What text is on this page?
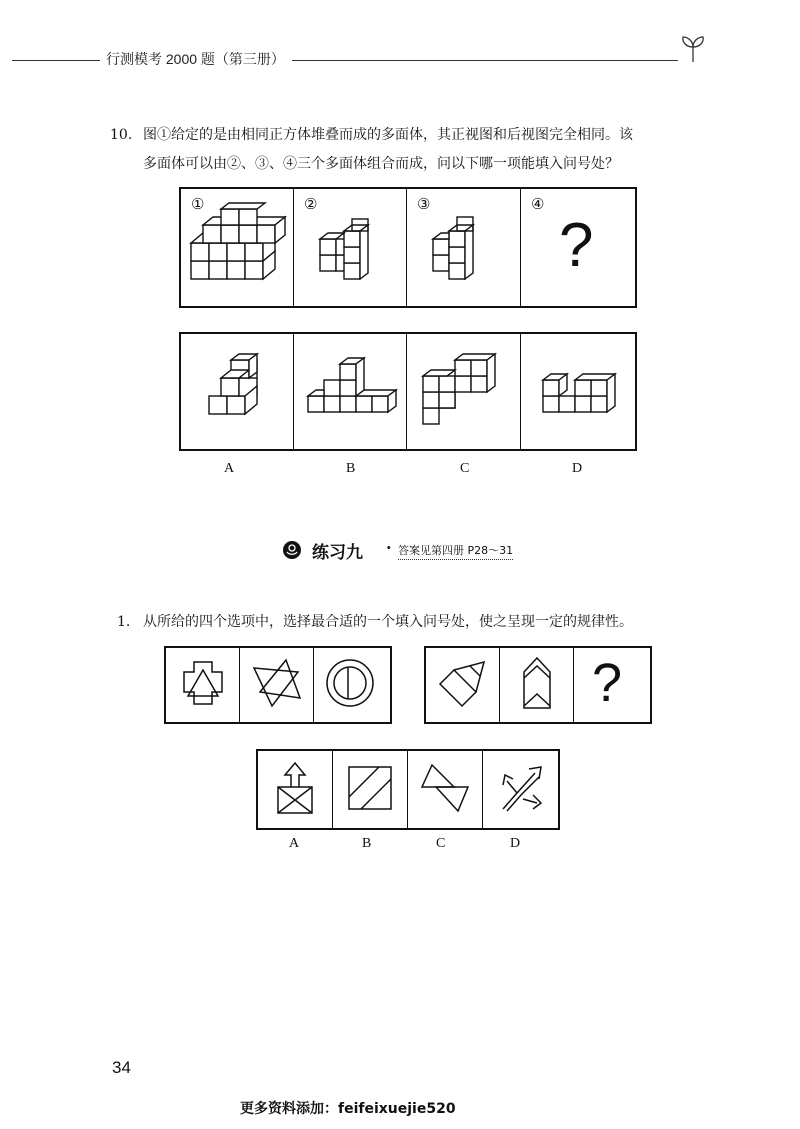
行测模考 2000 题（第三册）
10. 图①给定的是由相同正方体堆叠而成的多面体，其正视图和后视图完全相同。该
多面体可以由②、③、④三个多面体组合而成，问以下哪一项能填入问号处？
①	②	③	④
?
A	B	C	D
练习九 · 答案见第四册 P28～31
1. 从所给的四个选项中，选择最合适的一个填入问号处，使之呈现一定的规律性。
?
A	B	C	D
34
更多资料添加：feifeixuejie520
